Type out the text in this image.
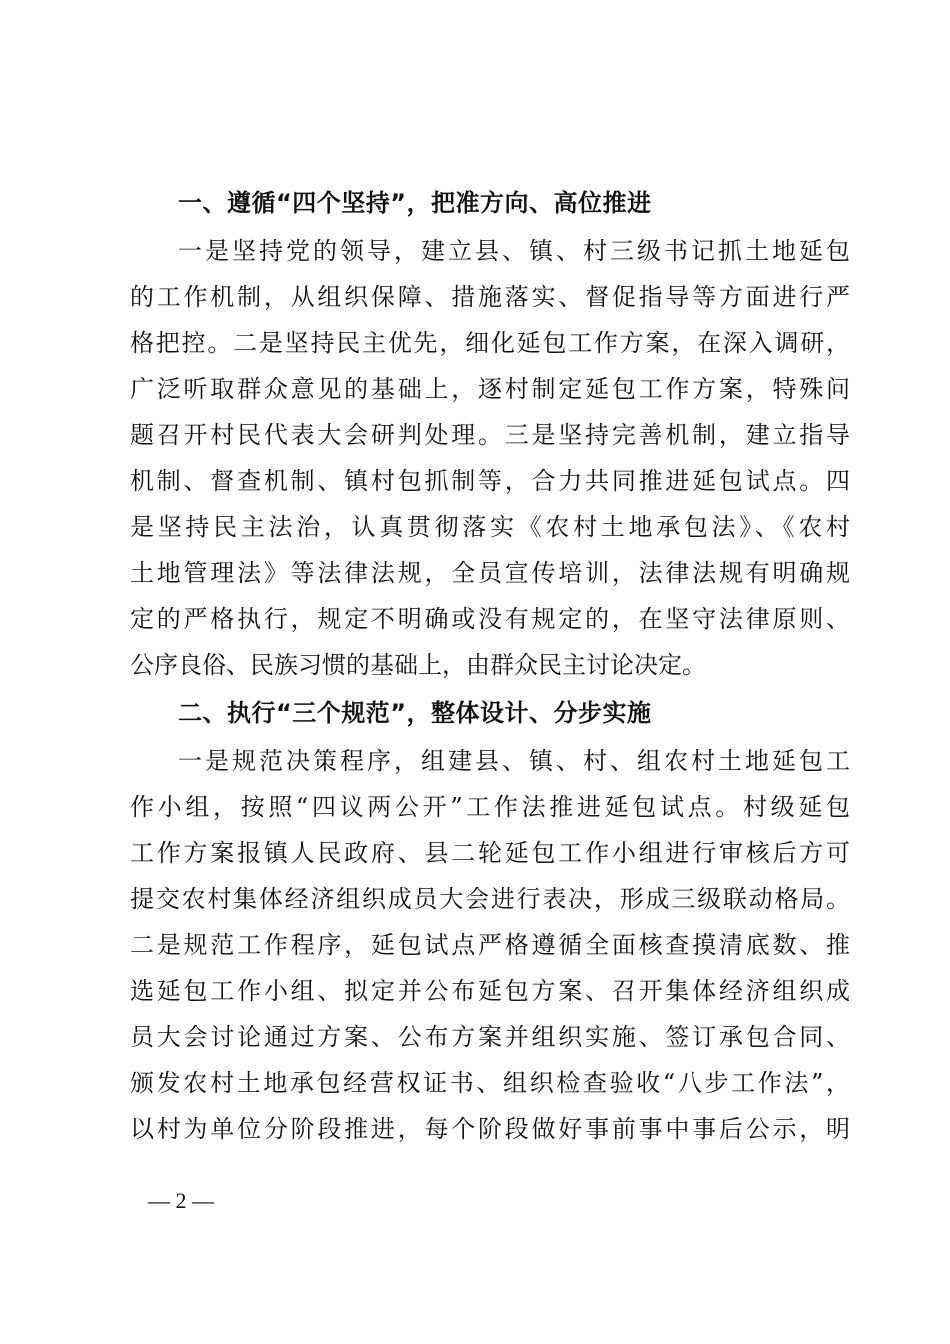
一、遵循“四个坚持”，把准方向、高位推进
一是坚持党的领导，建立县、镇、村三级书记抓土地延包
的工作机制，从组织保障、措施落实、督促指导等方面进行严
格把控。二是坚持民主优先，细化延包工作方案，在深入调研，
广泛听取群众意见的基础上，逐村制定延包工作方案，特殊问
题召开村民代表大会研判处理。三是坚持完善机制，建立指导
机制、督查机制、镇村包抓制等，合力共同推进延包试点。四
是坚持民主法治，认真贯彻落实《农村土地承包法》、《农村
土地管理法》等法律法规，全员宣传培训，法律法规有明确规
定的严格执行，规定不明确或没有规定的，在坚守法律原则、
公序良俗、民族习惯的基础上，由群众民主讨论决定。
二、执行“三个规范”，整体设计、分步实施
一是规范决策程序，组建县、镇、村、组农村土地延包工
作小组，按照“四议两公开”工作法推进延包试点。村级延包
工作方案报镇人民政府、县二轮延包工作小组进行审核后方可
提交农村集体经济组织成员大会进行表决，形成三级联动格局。
二是规范工作程序，延包试点严格遵循全面核查摸清底数、推
选延包工作小组、拟定并公布延包方案、召开集体经济组织成
员大会讨论通过方案、公布方案并组织实施、签订承包合同、
颁发农村土地承包经营权证书、组织检查验收“八步工作法”，
以村为单位分阶段推进，每个阶段做好事前事中事后公示，明
— 2 —
